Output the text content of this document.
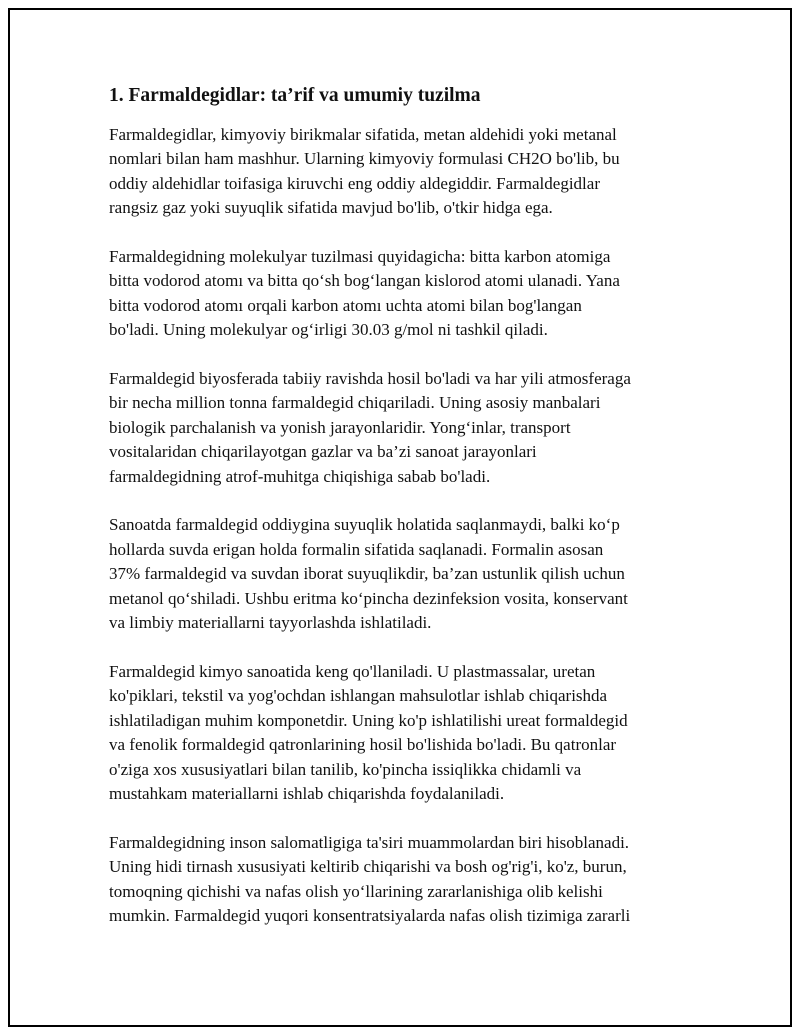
1. Farmaldegidlar: ta’rif va umumiy tuzilma

Farmaldegidlar, kimyoviy birikmalar sifatida, metan aldehidi yoki metanal
nomlari bilan ham mashhur. Ularning kimyoviy formulasi CH2O bo'lib, bu
oddiy aldehidlar toifasiga kiruvchi eng oddiy aldegiddir. Farmaldegidlar
rangsiz gaz yoki suyuqlik sifatida mavjud bo'lib, o'tkir hidga ega.

Farmaldegidning molekulyar tuzilmasi quyidagicha: bitta karbon atomiga
bitta vodorod atomı va bitta qo‘sh bog‘langan kislorod atomi ulanadi. Yana
bitta vodorod atomı orqali karbon atomı uchta atomi bilan bog'langan
bo'ladi. Uning molekulyar og‘irligi 30.03 g/mol ni tashkil qiladi.

Farmaldegid biyosferada tabiiy ravishda hosil bo'ladi va har yili atmosferaga
bir necha million tonna farmaldegid chiqariladi. Uning asosiy manbalari
biologik parchalanish va yonish jarayonlaridir. Yong‘inlar, transport
vositalaridan chiqarilayotgan gazlar va ba’zi sanoat jarayonlari
farmaldegidning atrof-muhitga chiqishiga sabab bo'ladi.

Sanoatda farmaldegid oddiygina suyuqlik holatida saqlanmaydi, balki ko‘p
hollarda suvda erigan holda formalin sifatida saqlanadi. Formalin asosan
37% farmaldegid va suvdan iborat suyuqlikdir, ba’zan ustunlik qilish uchun
metanol qo‘shiladi. Ushbu eritma ko‘pincha dezinfeksion vosita, konservant
va limbiy materiallarni tayyorlashda ishlatiladi.

Farmaldegid kimyo sanoatida keng qo'llaniladi. U plastmassalar, uretan
ko'piklari, tekstil va yog'ochdan ishlangan mahsulotlar ishlab chiqarishda
ishlatiladigan muhim komponetdir. Uning ko'p ishlatilishi ureat formaldegid
va fenolik formaldegid qatronlarining hosil bo'lishida bo'ladi. Bu qatronlar
o'ziga xos xususiyatlari bilan tanilib, ko'pincha issiqlikka chidamli va
mustahkam materiallarni ishlab chiqarishda foydalaniladi.

Farmaldegidning inson salomatligiga ta'siri muammolardan biri hisoblanadi.
Uning hidi tirnash xususiyati keltirib chiqarishi va bosh og'rig'i, ko'z, burun,
tomoqning qichishi va nafas olish yo‘llarining zararlanishiga olib kelishi
mumkin. Farmaldegid yuqori konsentratsiyalarda nafas olish tizimiga zararli
